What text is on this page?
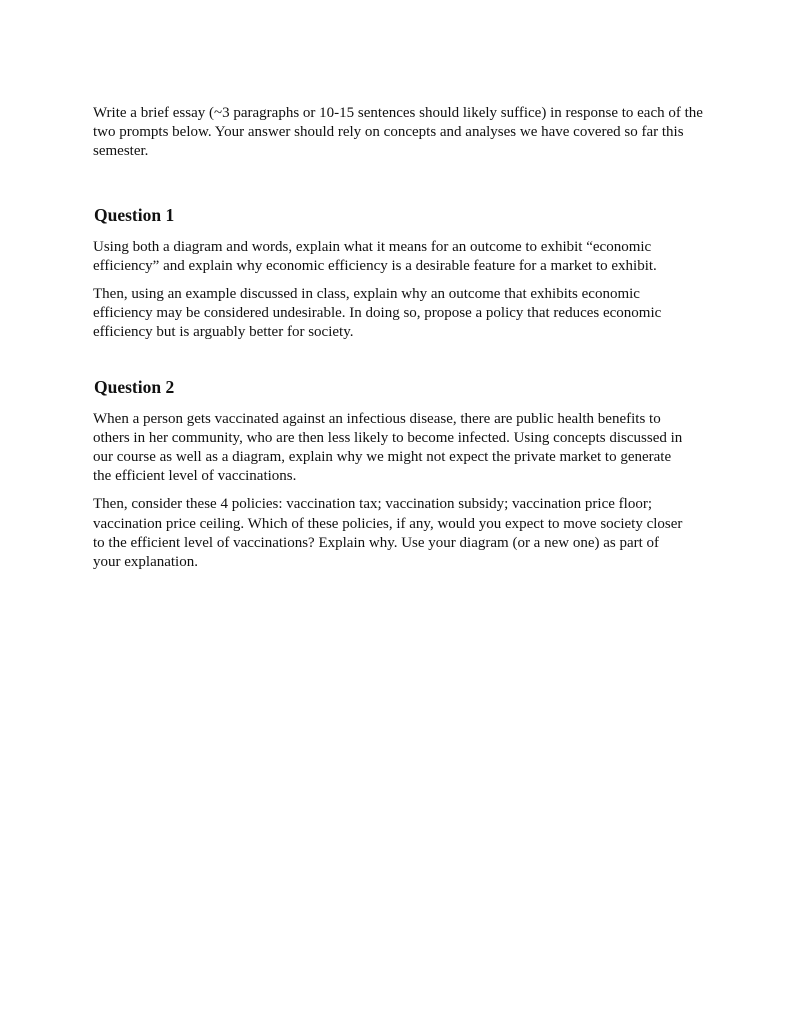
Write a brief essay (~3 paragraphs or 10-15 sentences should likely suffice) in response to each of the two prompts below. Your answer should rely on concepts and analyses we have covered so far this semester.

Question 1

Using both a diagram and words, explain what it means for an outcome to exhibit “economic efficiency” and explain why economic efficiency is a desirable feature for a market to exhibit.

Then, using an example discussed in class, explain why an outcome that exhibits economic efficiency may be considered undesirable. In doing so, propose a policy that reduces economic efficiency but is arguably better for society.

Question 2

When a person gets vaccinated against an infectious disease, there are public health benefits to others in her community, who are then less likely to become infected. Using concepts discussed in our course as well as a diagram, explain why we might not expect the private market to generate the efficient level of vaccinations.

Then, consider these 4 policies: vaccination tax; vaccination subsidy; vaccination price floor; vaccination price ceiling. Which of these policies, if any, would you expect to move society closer to the efficient level of vaccinations? Explain why. Use your diagram (or a new one) as part of your explanation.
